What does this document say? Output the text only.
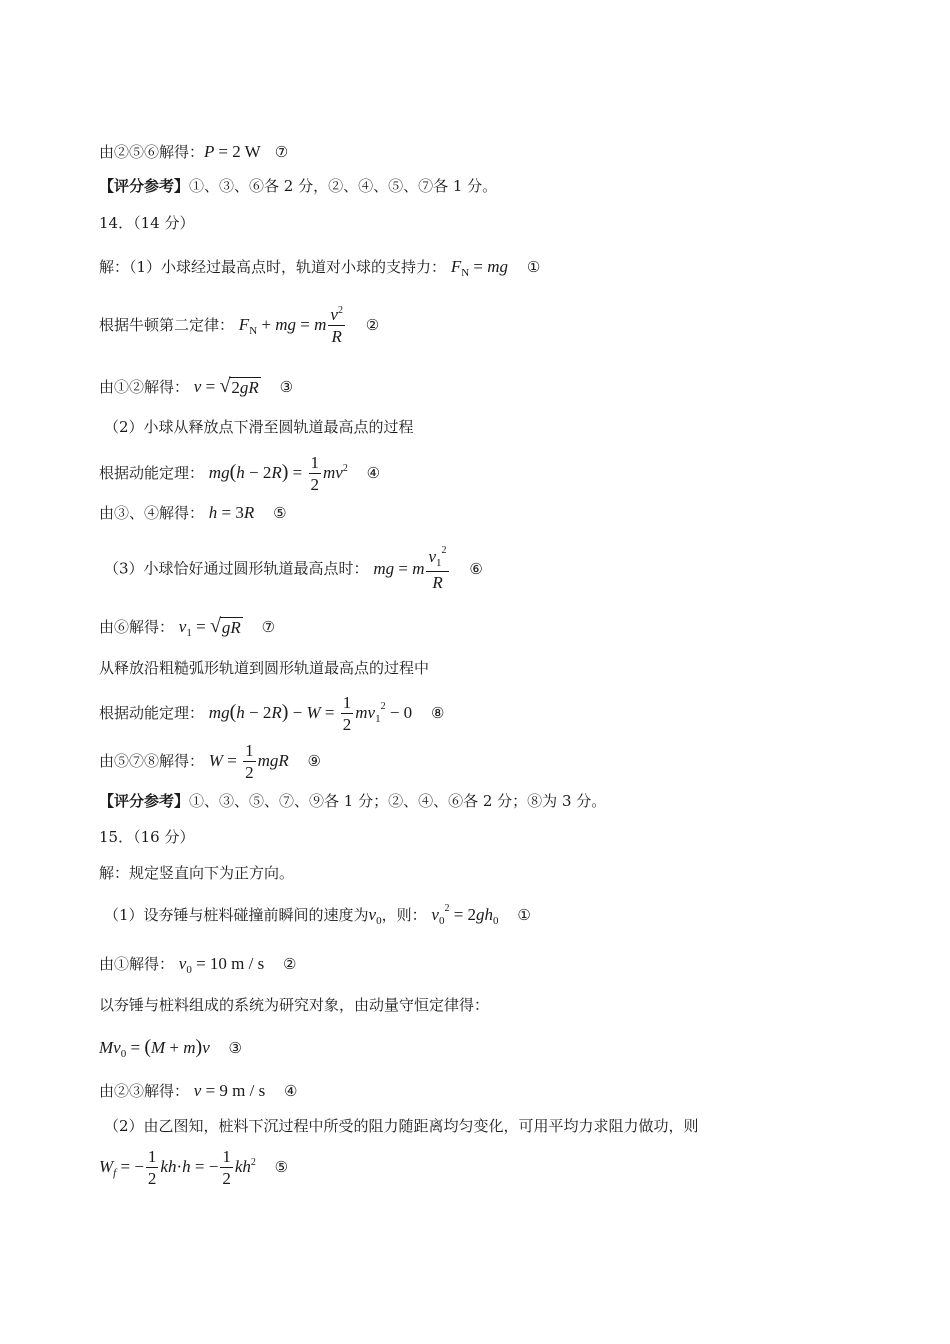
由②⑤⑥解得：P = 2 W ⑦
【评分参考】①、③、⑥各 2 分，②、④、⑤、⑦各 1 分。
14．（14 分）
解：（1）小球经过最高点时，轨道对小球的支持力： $F_N$ = mg ①
根据牛顿第二定律： $F_N$ + mg = m $\frac{v^2}{R}$ ②
由①②解得： v = √ 2gR ③
（2）小球从释放点下滑至圆轨道最高点的过程
根据动能定理： $mg(h - 2R) = \frac{1}{2} mv^2$ ④
由③、④解得： h = 3R ⑤
（3）小球恰好通过圆形轨道最高点时： mg = m $\frac{v_1^2}{R}$ ⑥
由⑥解得： $v_1$ = √ gR ⑦
从释放沿粗糙弧形轨道到圆形轨道最高点的过程中
根据动能定理： $mg(h - 2R) - W = \frac{1}{2} mv_1^2 - 0$ ⑧
由⑤⑦⑧解得： $W = \frac{1}{2}$ mgR ⑨
【评分参考】①、③、⑤、⑦、⑨各 1 分；②、④、⑥各 2 分；⑧为 3 分。
15．（16 分）
解：规定竖直向下为正方向。
（1）设夯锤与桩料碰撞前瞬间的速度为$v_0$，则： $v_0^2 = 2gh_0$ ①
由①解得： $v_0 = 10$ m / s ②
以夯锤与桩料组成的系统为研究对象，由动量守恒定律得：
$Mv_0 = (M + m)v$ ③
由②③解得： v = 9 m / s ④
（2）由乙图知，桩料下沉过程中所受的阻力随距离均匀变化，可用平均力求阻力做功，则
$W_f$ = − $\frac{1}{2} kh\cdot h$ = − $\frac{1}{2} kh^2$ ⑤
